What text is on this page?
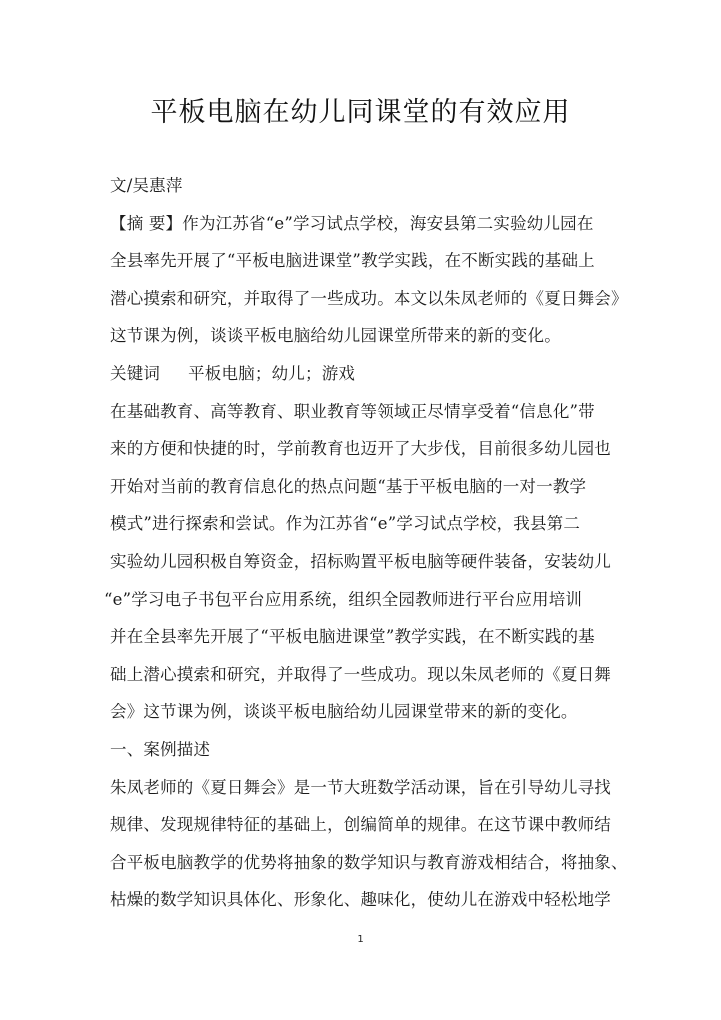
平板电脑在幼儿同课堂的有效应用
文/吴惠萍
【摘 要】作为江苏省“e”学习试点学校，海安县第二实验幼儿园在
全县率先开展了“平板电脑进课堂”教学实践，在不断实践的基础上
潜心摸索和研究，并取得了一些成功。本文以朱凤老师的《夏日舞会》
这节课为例，谈谈平板电脑给幼儿园课堂所带来的新的变化。
关键词 平板电脑；幼儿；游戏
在基础教育、高等教育、职业教育等领域正尽情享受着“信息化”带
来的方便和快捷的时，学前教育也迈开了大步伐，目前很多幼儿园也
开始对当前的教育信息化的热点问题“基于平板电脑的一对一教学
模式”进行探索和尝试。作为江苏省“e”学习试点学校，我县第二
实验幼儿园积极自筹资金，招标购置平板电脑等硬件装备，安装幼儿
“e”学习电子书包平台应用系统，组织全园教师进行平台应用培训
并在全县率先开展了“平板电脑进课堂”教学实践，在不断实践的基
础上潜心摸索和研究，并取得了一些成功。现以朱凤老师的《夏日舞
会》这节课为例，谈谈平板电脑给幼儿园课堂带来的新的变化。
一、案例描述
朱凤老师的《夏日舞会》是一节大班数学活动课，旨在引导幼儿寻找
规律、发现规律特征的基础上，创编简单的规律。在这节课中教师结
合平板电脑教学的优势将抽象的数学知识与教育游戏相结合，将抽象、
枯燥的数学知识具体化、形象化、趣味化，使幼儿在游戏中轻松地学
1
